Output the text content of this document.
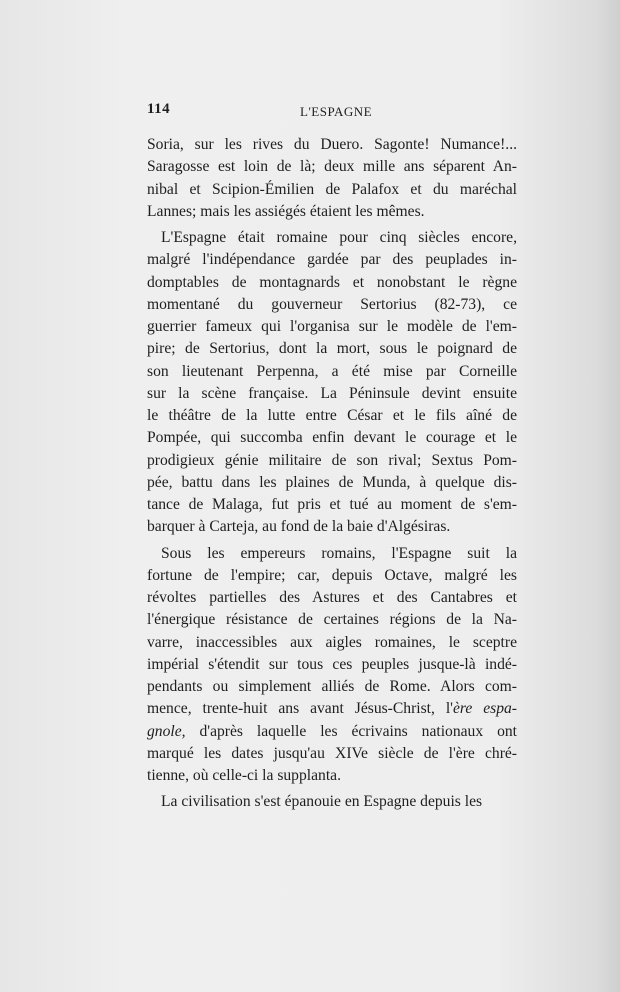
114	L'ESPAGNE
Soria, sur les rives du Duero. Sagonte! Numance!...
Saragosse est loin de là; deux mille ans séparent An-
nibal et Scipion-Émilien de Palafox et du maréchal
Lannes; mais les assiégés étaient les mêmes.
L'Espagne était romaine pour cinq siècles encore,
malgré l'indépendance gardée par des peuplades in-
domptables de montagnards et nonobstant le règne
momentané du gouverneur Sertorius (82-73), ce
guerrier fameux qui l'organisa sur le modèle de l'em-
pire; de Sertorius, dont la mort, sous le poignard de
son lieutenant Perpenna, a été mise par Corneille
sur la scène française. La Péninsule devint ensuite
le théâtre de la lutte entre César et le fils aîné de
Pompée, qui succomba enfin devant le courage et le
prodigieux génie militaire de son rival; Sextus Pom-
pée, battu dans les plaines de Munda, à quelque dis-
tance de Malaga, fut pris et tué au moment de s'em-
barquer à Carteja, au fond de la baie d'Algésiras.
Sous les empereurs romains, l'Espagne suit la
fortune de l'empire; car, depuis Octave, malgré les
révoltes partielles des Astures et des Cantabres et
l'énergique résistance de certaines régions de la Na-
varre, inaccessibles aux aigles romaines, le sceptre
impérial s'étendit sur tous ces peuples jusque-là indé-
pendants ou simplement alliés de Rome. Alors com-
mence, trente-huit ans avant Jésus-Christ, l'ère espa-
gnole, d'après laquelle les écrivains nationaux ont
marqué les dates jusqu'au XIVe siècle de l'ère chré-
tienne, où celle-ci la supplanta.
La civilisation s'est épanouie en Espagne depuis les
